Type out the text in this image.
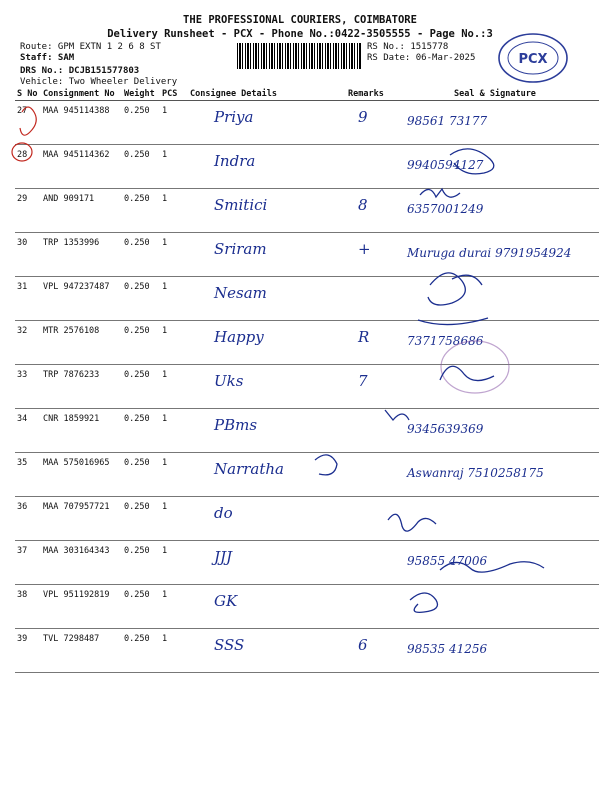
THE PROFESSIONAL COURIERS, COIMBATORE
Delivery Runsheet - PCX - Phone No.:0422-3505555 - Page No.:3
Route: GPM EXTN 1 2 6 8 ST
Staff: SAM
DRS No.: DCJB151577803
Vehicle: Two Wheeler Delivery
RS No.: 1515778
RS Date: 06-Mar-2025	PCX
S No	Consignment No	Weight	PCS	Consignee Details	Remarks	Seal & Signature
27	MAA 945114388	0.250	1	Priya	9	98561 73177
28	MAA 945114362	0.250	1	Indra		9940594127
29	AND 909171	0.250	1	Smitici	8	6357001249
30	TRP 1353996	0.250	1	Sriram	+	Muruga durai 9791954924
31	VPL 947237487	0.250	1	Nesam		
32	MTR 2576108	0.250	1	Happy	R	7371758686
33	TRP 7876233	0.250	1	Uks	7	
34	CNR 1859921	0.250	1	PBms		9345639369
35	MAA 575016965	0.250	1	Narratha		Aswanraj 7510258175
36	MAA 707957721	0.250	1	do		
37	MAA 303164343	0.250	1	JJJ		95855 47006
38	VPL 951192819	0.250	1	GK		
39	TVL 7298487	0.250	1	SSS	6	98535 41256
